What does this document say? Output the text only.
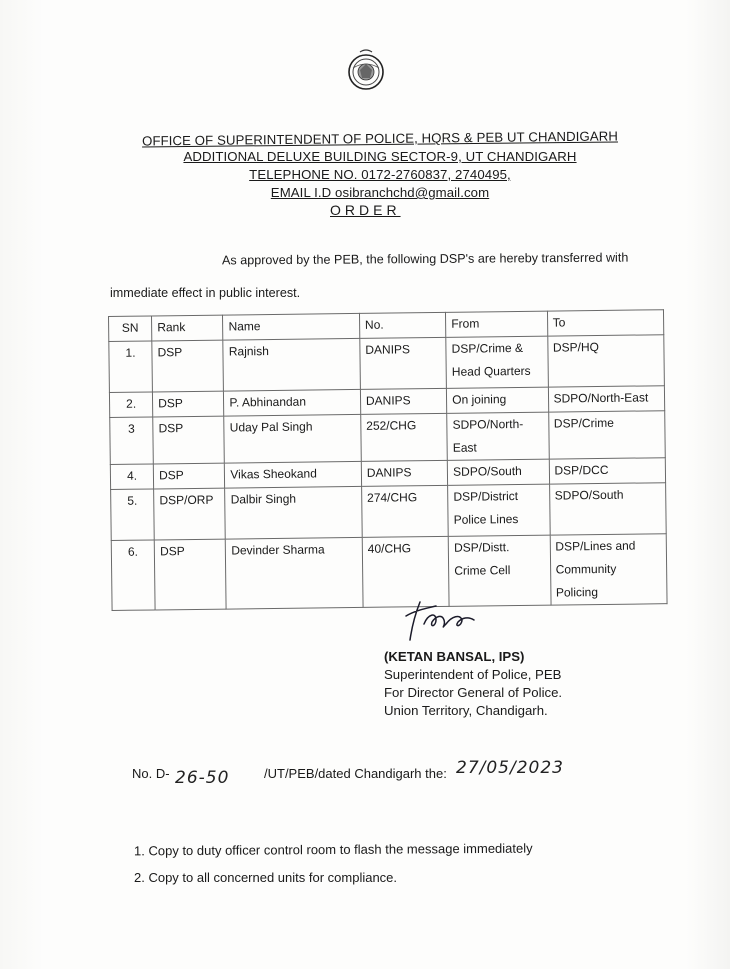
OFFICE OF SUPERINTENDENT OF POLICE, HQRS & PEB UT CHANDIGARH
ADDITIONAL DELUXE BUILDING SECTOR-9, UT CHANDIGARH
TELEPHONE NO. 0172-2760837, 2740495,
EMAIL I.D osibranchchd@gmail.com
ORDER
As approved by the PEB, the following DSP's are hereby transferred with
immediate effect in public interest.
SN	Rank	Name	No.	From	To
1.	DSP	Rajnish	DANIPS	DSP/Crime & Head Quarters	DSP/HQ
2.	DSP	P. Abhinandan	DANIPS	On joining	SDPO/North-East
3	DSP	Uday Pal Singh	252/CHG	SDPO/North-East	DSP/Crime
4.	DSP	Vikas Sheokand	DANIPS	SDPO/South	DSP/DCC
5.	DSP/ORP	Dalbir Singh	274/CHG	DSP/District Police Lines	SDPO/South
6.	DSP	Devinder Sharma	40/CHG	DSP/Distt. Crime Cell	DSP/Lines and Community Policing
(KETAN BANSAL, IPS)
Superintendent of Police, PEB
For Director General of Police.
Union Territory, Chandigarh.
No. D- 26-50	/UT/PEB/dated Chandigarh the: 27/05/2023
1. Copy to duty officer control room to flash the message immediately
2. Copy to all concerned units for compliance.
